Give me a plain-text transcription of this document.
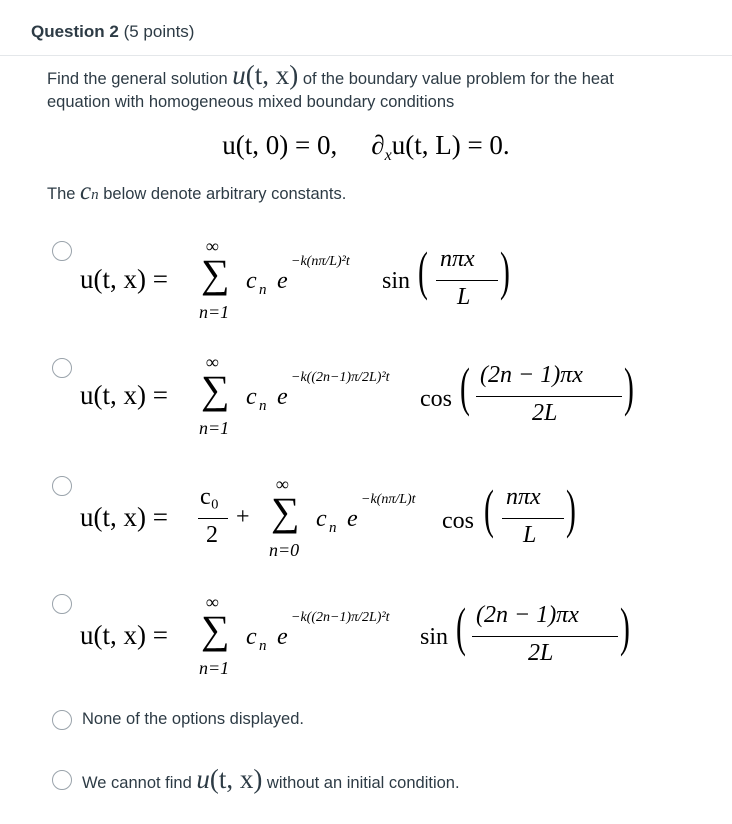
Question 2 (5 points)
Find the general solution u(t, x) of the boundary value problem for the heat
equation with homogeneous mixed boundary conditions
u(t, 0) = 0, $\partial_xu(t$, L) = 0.
The cn below denote arbitrary constants.
u(t, x) =
∞
∑
n=1
c n e
−k(nπ/L)²t
sin ( nπx
L )
u(t, x) =
∞
∑
n=1
c n e
−k((2n−1)π/2L)²t
cos ( (2n − 1)πx
2L )
u(t, x) =
c₀
2
+
∞
∑
n=0
c n e
−k(nπ/L)t
cos ( nπx
L )
u(t, x) =
∞
∑
n=1
c n e
−k((2n−1)π/2L)²t
sin ( (2n − 1)πx
2L )
None of the options displayed.
We cannot find u(t, x) without an initial condition.
